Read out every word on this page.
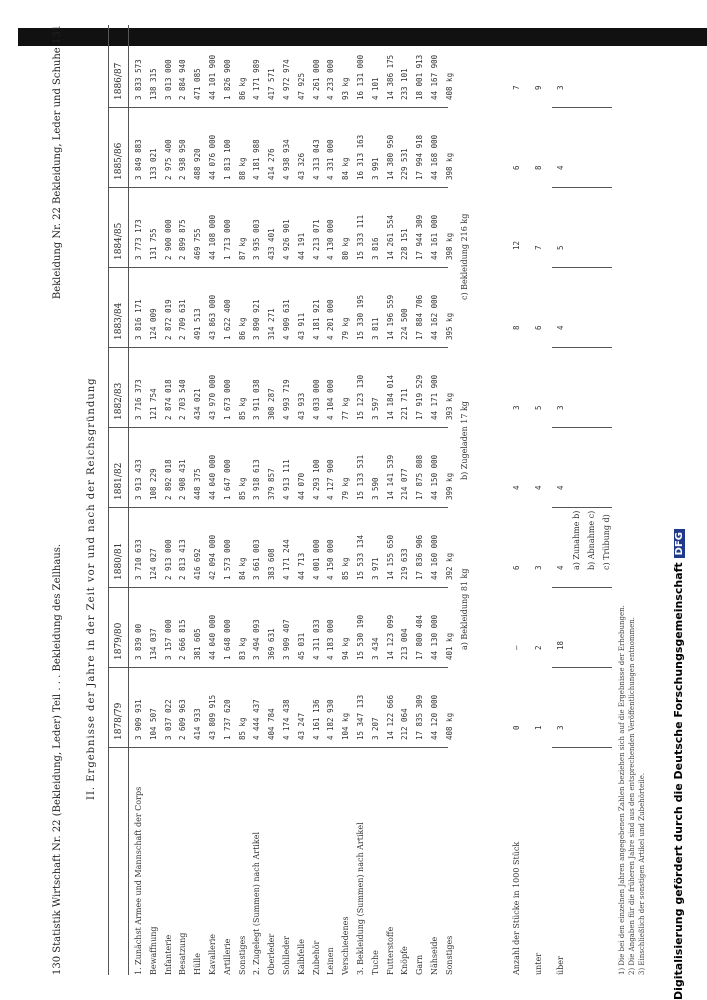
130 Statistik Wirtschaft Nr. 22 (Bekleidung, Leder) Teil . . . Bekleidung des Zellhaus.
Bekleidung Nr. 22 Bekleidung, Leder und Schuhe 131
II. Ergebnisse der Jahre in der Zeit vor und nach der Reichsgründung 1878/79
1879/80
1880/81
1881/82
1882/83
1883/84
1884/85
1885/86
1886/87
1. Zunächst Armee und Mannschaft der Corps
3 909 931
3 839 00
3 710 633
3 913 433
3 716 373
3 816 171
3 773 173
3 849 883
3 833 573
Bewaffnung
104 507
134 037
124 027
108 229
121 754
124 009
131 755
133 021
138 315
Infanterie
3 037 022
3 157 000
2 913 000
2 892 018
2 874 018
2 872 019
2 900 000
2 975 400
3 013 000
Besatzung
2 609 963
2 666 815
2 813 413
2 908 431
2 703 540
2 709 631
2 899 875
2 938 950
2 884 940
Hülle
414 933
381 605
416 692
448 375
434 021
491 513
469 755
488 920
471 085
Kavallerie
43 809 915
44 040 000
42 094 000
44 040 000
43 970 000
43 863 000
44 108 000
44 076 000
44 101 900
Artillerie
1 737 620
1 648 000
1 573 000
1 647 000
1 673 000
1 622 400
1 713 000
1 813 100
1 826 900
Sonstiges
85 kg
83 kg
84 kg
85 kg
85 kg
86 kg
87 kg
88 kg
86 kg
2. Zugelegt (Summen) nach Artikel
4 444 437
3 494 093
3 661 003
3 918 613
3 911 038
3 890 921
3 935 003
4 181 988
4 171 989
Oberleder
404 784
369 631
383 608
379 857
308 287
314 271
433 401
414 276
417 571
Sohlleder
4 174 438
3 909 407
4 171 244
4 913 111
4 993 719
4 909 631
4 926 901
4 938 934
4 972 974
Kalbfelle
43 247
45 031
44 713
44 070
43 933
43 911
44 191
43 326
47 925
Zubehör
4 161 136
4 311 033
4 001 000
4 293 100
4 033 000
4 181 921
4 213 071
4 313 043
4 261 000
Leinen
4 182 930
4 183 000
4 150 000
4 127 900
4 104 000
4 201 000
4 130 000
4 331 000
4 233 000
Verschiedenes
104 kg
94 kg
85 kg
79 kg
77 kg
79 kg
80 kg
84 kg
93 kg
3. Bekleidung (Summen) nach Artikel
15 347 133
15 530 190
15 533 134
15 133 531
15 123 130
15 330 195
15 333 111
16 313 163
16 131 000
Tuche
3 207
3 434
3 971
3 590
3 597
3 811
3 816
3 991
4 101
Futterstoffe
14 122 666
14 123 099
14 155 650
14 141 539
14 184 014
14 196 559
14 261 554
14 380 950
14 386 175
Knöpfe
212 064
213 004
219 633
214 077
221 711
224 500
228 151
229 531
233 101
Garn
17 835 309
17 800 404
17 836 906
17 875 808
17 919 529
17 884 706
17 944 309
17 994 918
18 001 913
Nähseide
44 120 000
44 130 000
44 160 000
44 150 000
44 171 900
44 162 000
44 161 000
44 168 000
44 167 900
Sonstiges
408 kg
401 kg
392 kg
399 kg
393 kg
395 kg
398 kg
398 kg
408 kg
a) Bekleidung 81 kg
b) Zugeladen 17 kg
c) Bekleidung 216 kg
a) Zunahme b) b) Abnahme c) c) Trübung d)
Anzahl der Stücke in 1000 Stück
0
—
6
4
3
8
12
6
7
unter
1
2
3
4
5
6
7
8
9
über
3
18
4
4
3
4
5
4
3
1) Die bei den einzelnen Jahren angegebenen Zahlen beziehen sich auf die Ergebnisse der Erhebungen. 2) Die Angaben für die früheren Jahre sind aus den entsprechenden Veröffentlichungen entnommen. 3) Einschließlich der sonstigen Artikel und Zubehörteile. Digitalisierung gefördert durch die Deutsche ForschungsgemeinschaftDFG
